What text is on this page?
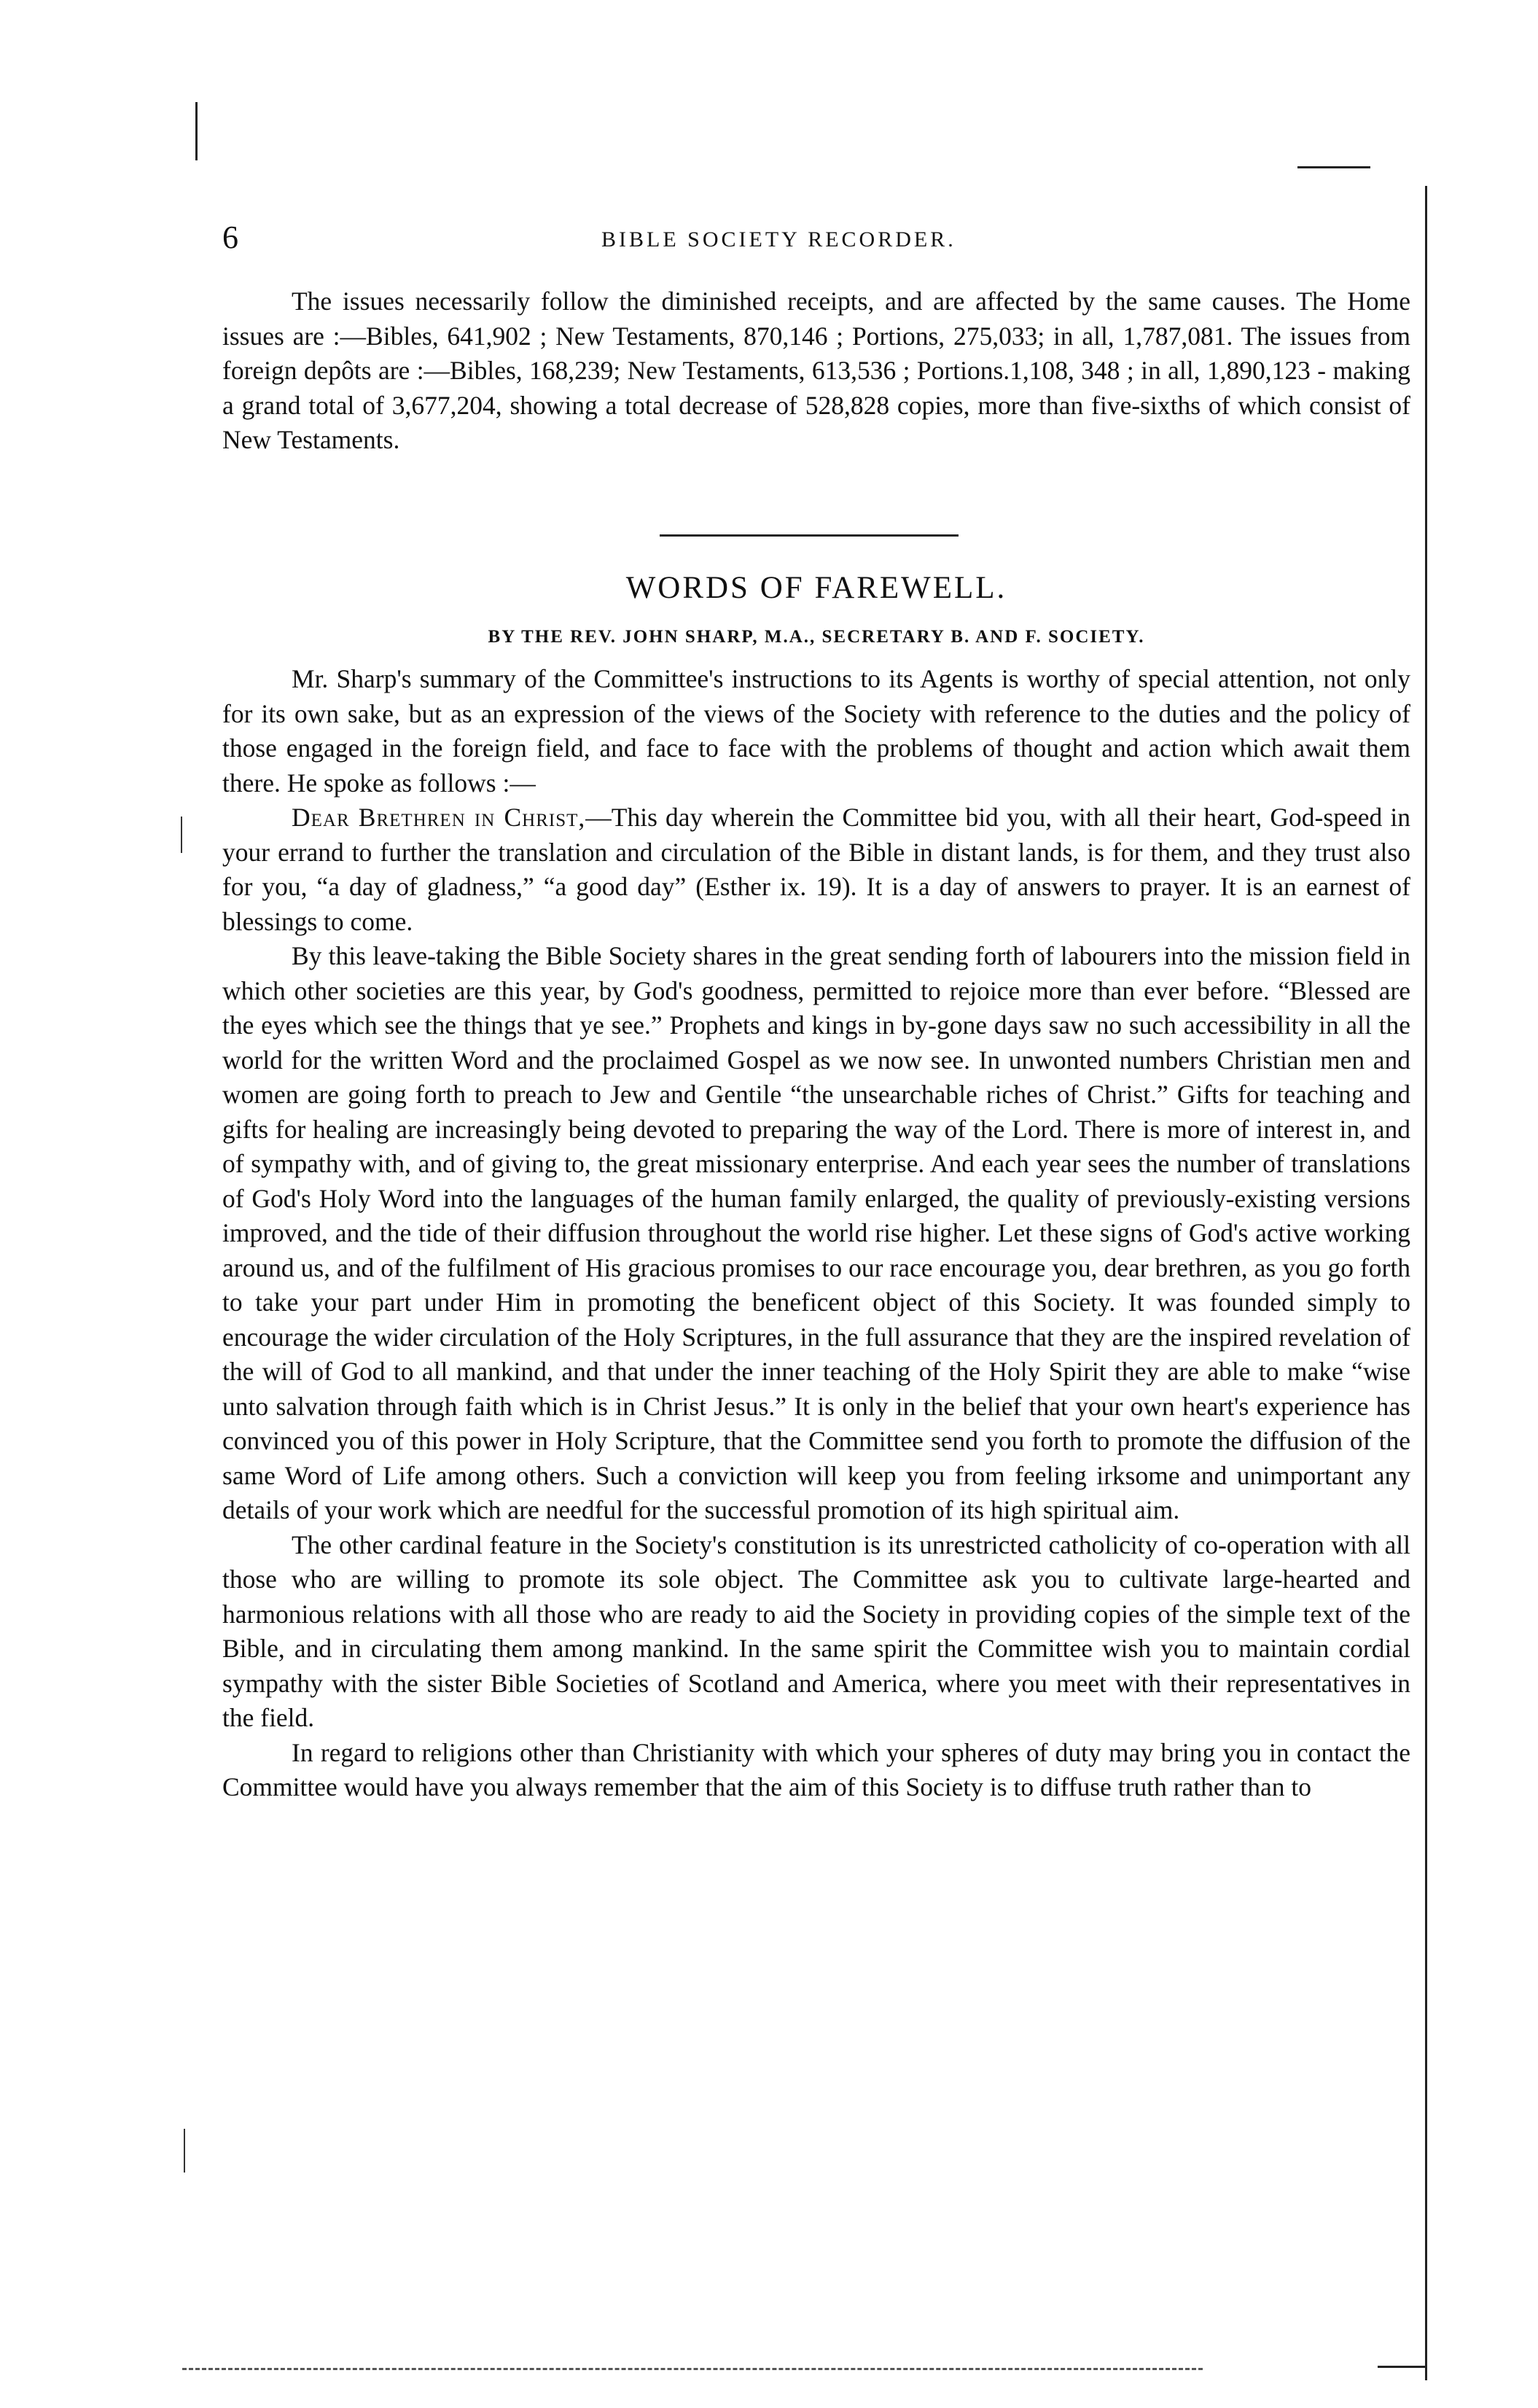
6	BIBLE SOCIETY RECORDER.

The issues necessarily follow the diminished receipts, and are affected by the same causes. The Home issues are :—Bibles, 641,902 ; New Testaments, 870,146 ; Portions, 275,033; in all, 1,787,081. The issues from foreign depôts are :—Bibles, 168,239; New Testaments, 613,536 ; Portions.1,108, 348 ; in all, 1,890,123 - making a grand total of 3,677,204, showing a total decrease of 528,828 copies, more than five-sixths of which consist of New Testaments.

WORDS OF FAREWELL.
BY THE REV. JOHN SHARP, M.A., SECRETARY B. AND F. SOCIETY.

Mr. Sharp's summary of the Committee's instructions to its Agents is worthy of special attention, not only for its own sake, but as an expression of the views of the Society with reference to the duties and the policy of those engaged in the foreign field, and face to face with the problems of thought and action which await them there. He spoke as follows :—

Dear Brethren in Christ,—This day wherein the Committee bid you, with all their heart, God-speed in your errand to further the translation and circulation of the Bible in distant lands, is for them, and they trust also for you, “a day of gladness,” “a good day” (Esther ix. 19). It is a day of answers to prayer. It is an earnest of blessings to come.

By this leave-taking the Bible Society shares in the great sending forth of labourers into the mission field in which other societies are this year, by God's goodness, permitted to rejoice more than ever before. “Blessed are the eyes which see the things that ye see.” Prophets and kings in by-gone days saw no such accessibility in all the world for the written Word and the proclaimed Gospel as we now see. In unwonted numbers Christian men and women are going forth to preach to Jew and Gentile “the unsearchable riches of Christ.” Gifts for teaching and gifts for healing are increasingly being devoted to preparing the way of the Lord. There is more of interest in, and of sympathy with, and of giving to, the great missionary enterprise. And each year sees the number of translations of God's Holy Word into the languages of the human family enlarged, the quality of previously-existing versions improved, and the tide of their diffusion throughout the world rise higher. Let these signs of God's active working around us, and of the fulfilment of His gracious promises to our race encourage you, dear brethren, as you go forth to take your part under Him in promoting the beneficent object of this Society. It was founded simply to encourage the wider circulation of the Holy Scriptures, in the full assurance that they are the inspired revelation of the will of God to all mankind, and that under the inner teaching of the Holy Spirit they are able to make “wise unto salvation through faith which is in Christ Jesus.” It is only in the belief that your own heart's experience has convinced you of this power in Holy Scripture, that the Committee send you forth to promote the diffusion of the same Word of Life among others. Such a conviction will keep you from feeling irksome and unimportant any details of your work which are needful for the successful promotion of its high spiritual aim.

The other cardinal feature in the Society's constitution is its unrestricted catholicity of co-operation with all those who are willing to promote its sole object. The Committee ask you to cultivate large-hearted and harmonious relations with all those who are ready to aid the Society in providing copies of the simple text of the Bible, and in circulating them among mankind. In the same spirit the Committee wish you to maintain cordial sympathy with the sister Bible Societies of Scotland and America, where you meet with their representatives in the field.

In regard to religions other than Christianity with which your spheres of duty may bring you in contact the Committee would have you always remember that the aim of this Society is to diffuse truth rather than to
